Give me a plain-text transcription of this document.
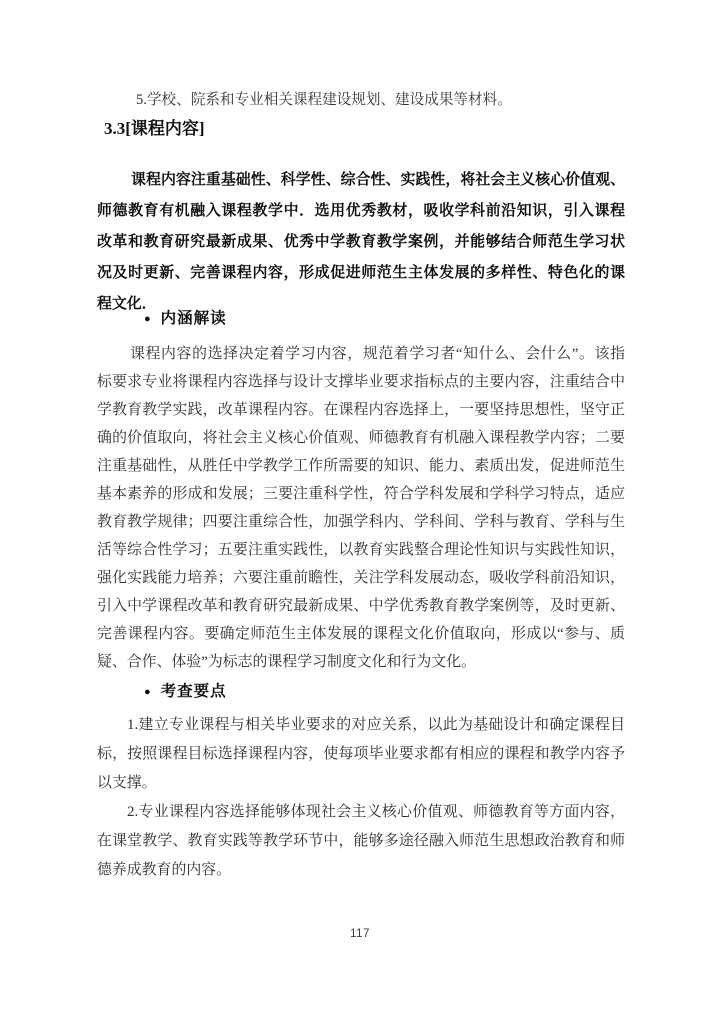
5.学校、院系和专业相关课程建设规划、建设成果等材料。
3.3[课程内容]
课程内容注重基础性、科学性、综合性、实践性，将社会主义核心价值观、
师德教育有机融入课程教学中．选用优秀教材，吸收学科前沿知识，引入课程
改革和教育研究最新成果、优秀中学教育教学案例，并能够结合师范生学习状
况及时更新、完善课程内容，形成促进师范生主体发展的多样性、特色化的课
程文化．
● 内涵解读
课程内容的选择决定着学习内容，规范着学习者“知什么、会什么”。该指
标要求专业将课程内容选择与设计支撑毕业要求指标点的主要内容，注重结合中
学教育教学实践，改革课程内容。在课程内容选择上，一要坚持思想性，坚守正
确的价值取向，将社会主义核心价值观、师德教育有机融入课程教学内容；二要
注重基础性，从胜任中学教学工作所需要的知识、能力、素质出发，促进师范生
基本素养的形成和发展；三要注重科学性，符合学科发展和学科学习特点，适应
教育教学规律；四要注重综合性，加强学科内、学科间、学科与教育、学科与生
活等综合性学习；五要注重实践性，以教育实践整合理论性知识与实践性知识，
强化实践能力培养；六要注重前瞻性，关注学科发展动态，吸收学科前沿知识，
引入中学课程改革和教育研究最新成果、中学优秀教育教学案例等，及时更新、
完善课程内容。要确定师范生主体发展的课程文化价值取向，形成以“参与、质
疑、合作、体验”为标志的课程学习制度文化和行为文化。
● 考查要点
1.建立专业课程与相关毕业要求的对应关系，以此为基础设计和确定课程目
标，按照课程目标选择课程内容，使每项毕业要求都有相应的课程和教学内容予
以支撑。
2.专业课程内容选择能够体现社会主义核心价值观、师德教育等方面内容，
在课堂教学、教育实践等教学环节中，能够多途径融入师范生思想政治教育和师
德养成教育的内容。
117
